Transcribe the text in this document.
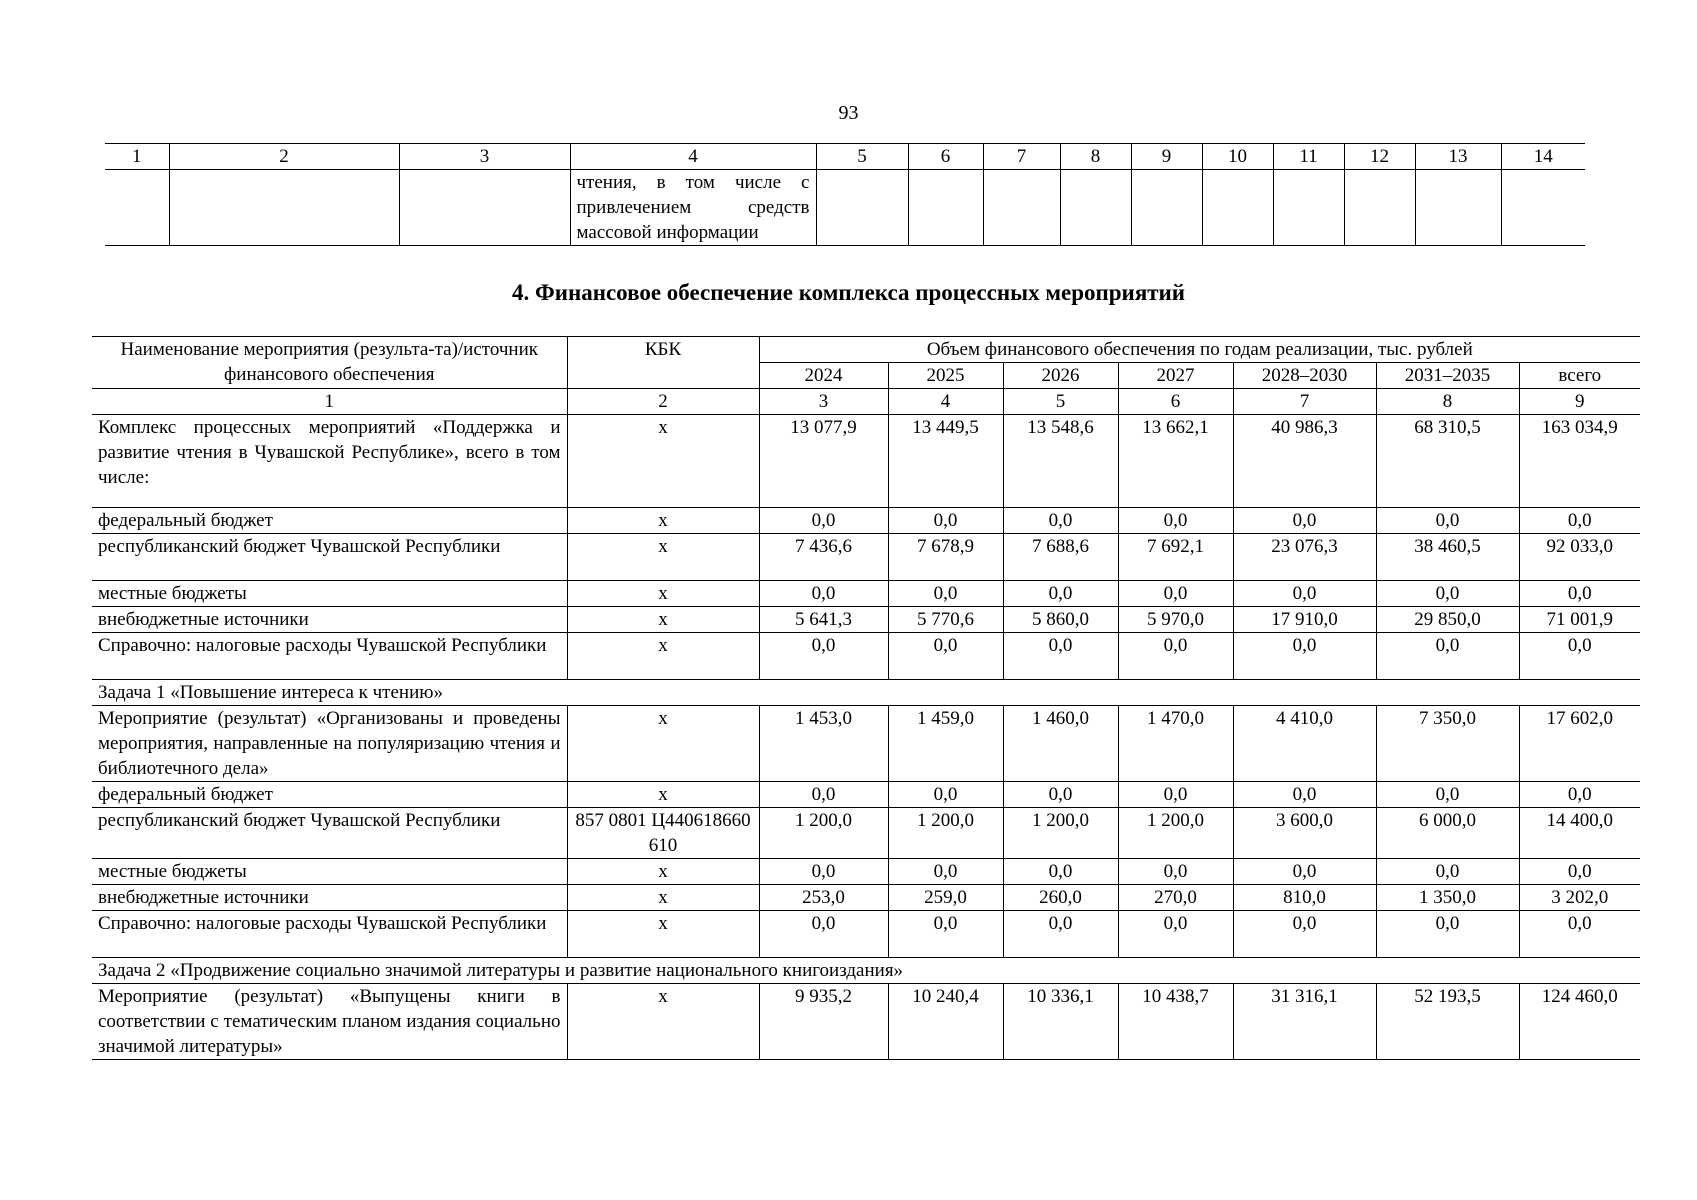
93
1	2	3	4	5	6	7	8	9	10	11	12	13	14

			чтения, в том числе с
привлечением средств
массовой информации										

4. Финансовое обеспечение комплекса процессных мероприятий
Наименование мероприятия (результа-та)/источник финансового обеспечения	КБК	Объем финансового обеспечения по годам реализации, тыс. рублей						
		2024	2025	2026	2027	2028–2030	2031–2035	всего
1	2	3	4	5	6	7	8	9
Комплекс процессных мероприятий «Поддержка и развитие чтения в Чувашской Республике», всего в том числе:	х	13 077,9	13 449,5	13 548,6	13 662,1	40 986,3	68 310,5	163 034,9
федеральный бюджет	х	0,0	0,0	0,0	0,0	0,0	0,0	0,0
республиканский бюджет Чувашской Республики	х	7 436,6	7 678,9	7 688,6	7 692,1	23 076,3	38 460,5	92 033,0
местные бюджеты	х	0,0	0,0	0,0	0,0	0,0	0,0	0,0
внебюджетные источники	х	5 641,3	5 770,6	5 860,0	5 970,0	17 910,0	29 850,0	71 001,9
Справочно: налоговые расходы Чувашской Республики	х	0,0	0,0	0,0	0,0	0,0	0,0	0,0
Задача 1 «Повышение интереса к чтению»								
Мероприятие (результат) «Организованы и проведены мероприятия, направленные на популяризацию чтения и библиотечного дела»	х	1 453,0	1 459,0	1 460,0	1 470,0	4 410,0	7 350,0	17 602,0
федеральный бюджет	х	0,0	0,0	0,0	0,0	0,0	0,0	0,0
республиканский бюджет Чувашской Республики	857 0801 Ц440618660 610	1 200,0	1 200,0	1 200,0	1 200,0	3 600,0	6 000,0	14 400,0
местные бюджеты	х	0,0	0,0	0,0	0,0	0,0	0,0	0,0
внебюджетные источники	х	253,0	259,0	260,0	270,0	810,0	1 350,0	3 202,0
Справочно: налоговые расходы Чувашской Республики	х	0,0	0,0	0,0	0,0	0,0	0,0	0,0
Задача 2 «Продвижение социально значимой литературы и развитие национального книгоиздания»								
Мероприятие (результат) «Выпущены книги в соответствии с тематическим планом издания социально значимой литературы»	х	9 935,2	10 240,4	10 336,1	10 438,7	31 316,1	52 193,5	124 460,0
